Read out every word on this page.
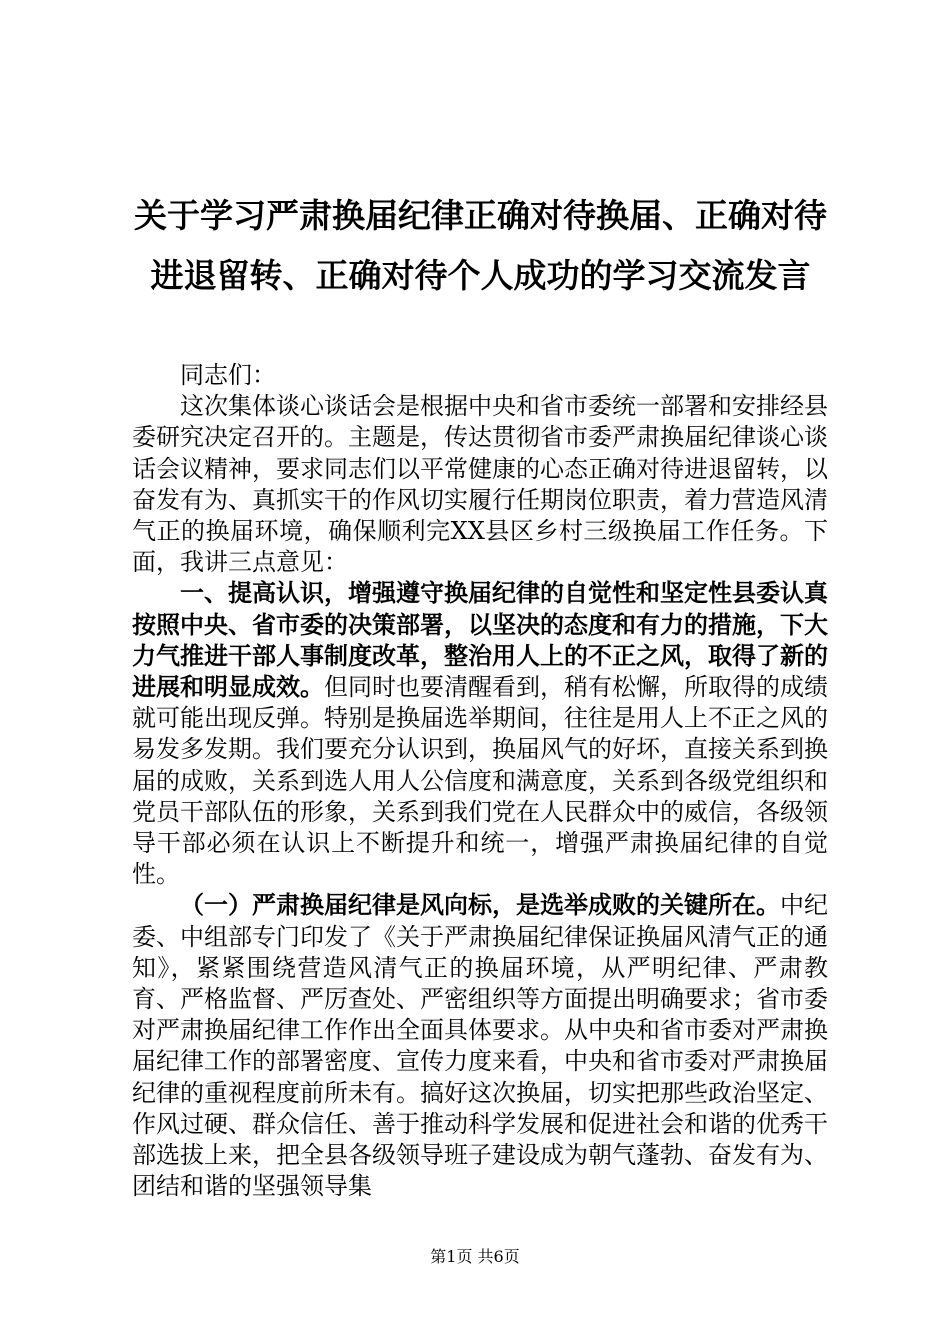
关于学习严肃换届纪律正确对待换届、正确对待进退留转、正确对待个人成功的学习交流发言

同志们：

这次集体谈心谈话会是根据中央和省市委统一部署和安排经县委研究决定召开的。主题是，传达贯彻省市委严肃换届纪律谈心谈话会议精神，要求同志们以平常健康的心态正确对待进退留转，以奋发有为、真抓实干的作风切实履行任期岗位职责，着力营造风清气正的换届环境，确保顺利完XX县区乡村三级换届工作任务。下面，我讲三点意见：

一、提高认识，增强遵守换届纪律的自觉性和坚定性县委认真按照中央、省市委的决策部署，以坚决的态度和有力的措施，下大力气推进干部人事制度改革，整治用人上的不正之风，取得了新的进展和明显成效。但同时也要清醒看到，稍有松懈，所取得的成绩就可能出现反弹。特别是换届选举期间，往往是用人上不正之风的易发多发期。我们要充分认识到，换届风气的好坏，直接关系到换届的成败，关系到选人用人公信度和满意度，关系到各级党组织和党员干部队伍的形象，关系到我们党在人民群众中的威信，各级领导干部必须在认识上不断提升和统一，增强严肃换届纪律的自觉性。

（一）严肃换届纪律是风向标，是选举成败的关键所在。中纪委、中组部专门印发了《关于严肃换届纪律保证换届风清气正的通知》，紧紧围绕营造风清气正的换届环境，从严明纪律、严肃教育、严格监督、严厉查处、严密组织等方面提出明确要求；省市委对严肃换届纪律工作作出全面具体要求。从中央和省市委对严肃换届纪律工作的部署密度、宣传力度来看，中央和省市委对严肃换届纪律的重视程度前所未有。搞好这次换届，切实把那些政治坚定、作风过硬、群众信任、善于推动科学发展和促进社会和谐的优秀干部选拔上来，把全县各级领导班子建设成为朝气蓬勃、奋发有为、团结和谐的坚强领导集

第1页 共6页
